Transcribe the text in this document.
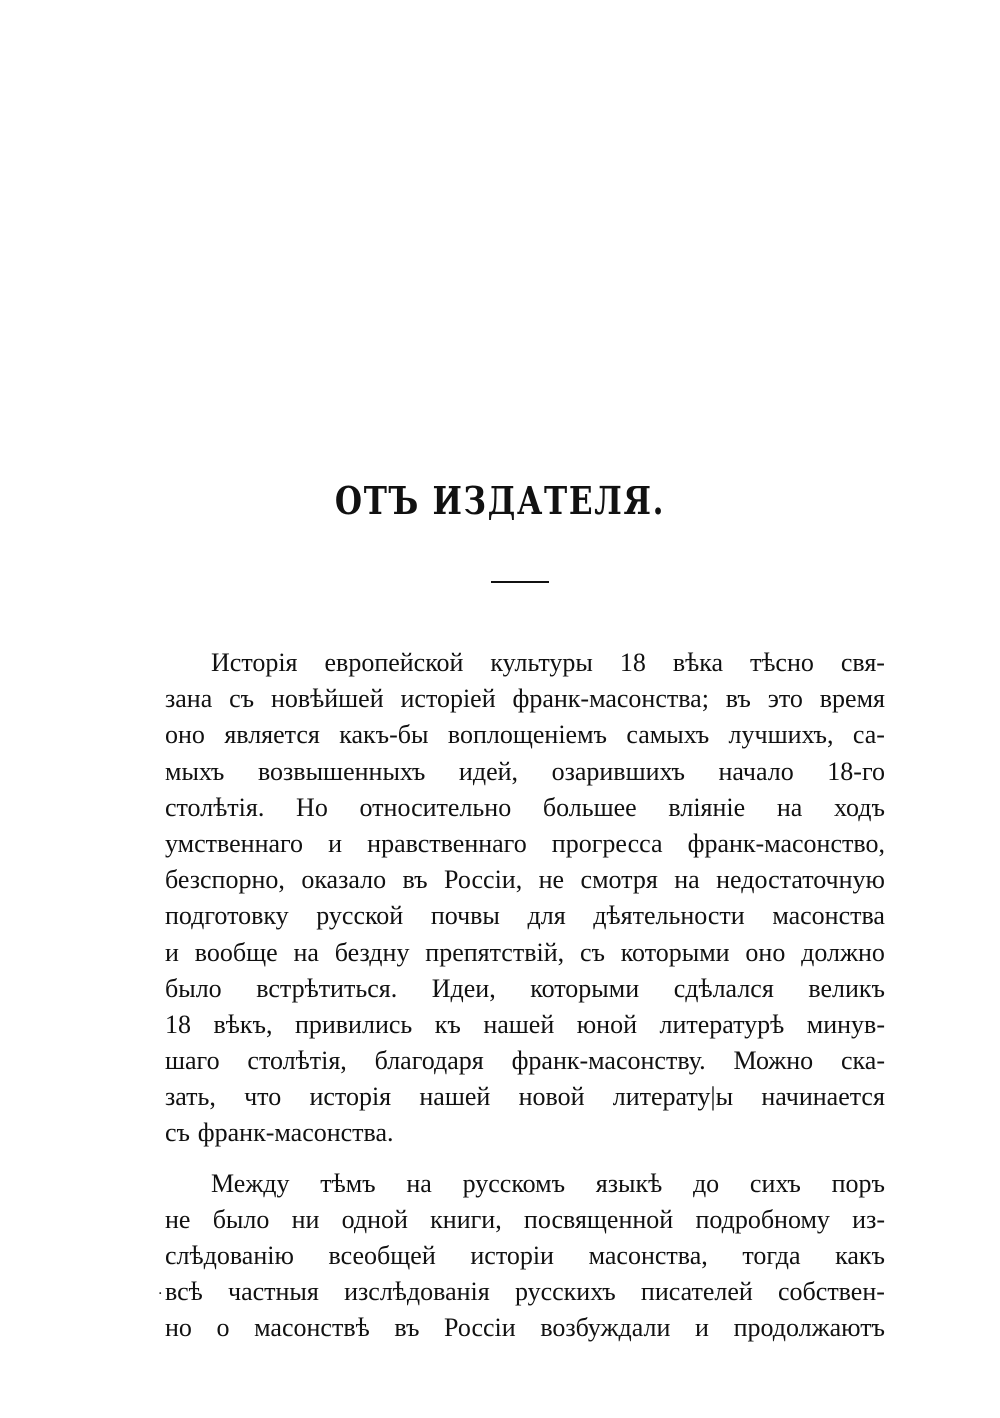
ОТЪ ИЗДАТЕЛЯ.
.
Исторія европейской культуры 18 вѣка тѣсно свя-
зана съ новѣйшей исторіей франк-масонства; въ это время
оно является какъ-бы воплощеніемъ самыхъ лучшихъ, са-
мыхъ возвышенныхъ идей, озарившихъ начало 18-го
столѣтія. Но относительно большее вліяніе на ходъ
умственнаго и нравственнаго прогресса франк-масонство,
безспорно, оказало въ Россіи, не смотря на недостаточную
подготовку русской почвы для дѣятельности масонства
и вообще на бездну препятствій, съ которыми оно должно
было встрѣтиться. Идеи, которыми сдѣлался великъ
18 вѣкъ, привились къ нашей юной литературѣ минув-
шаго столѣтія, благодаря франк-масонству. Можно ска-
зать, что исторія нашей новой литерату|ы начинается
съ франк-масонства.
Между тѣмъ на русскомъ языкѣ до сихъ поръ
не было ни одной книги, посвященной подробному из-
слѣдованію всеобщей исторіи масонства, тогда какъ
всѣ частныя изслѣдованія русскихъ писателей собствен-
но о масонствѣ въ Россіи возбуждали и продолжаютъ
